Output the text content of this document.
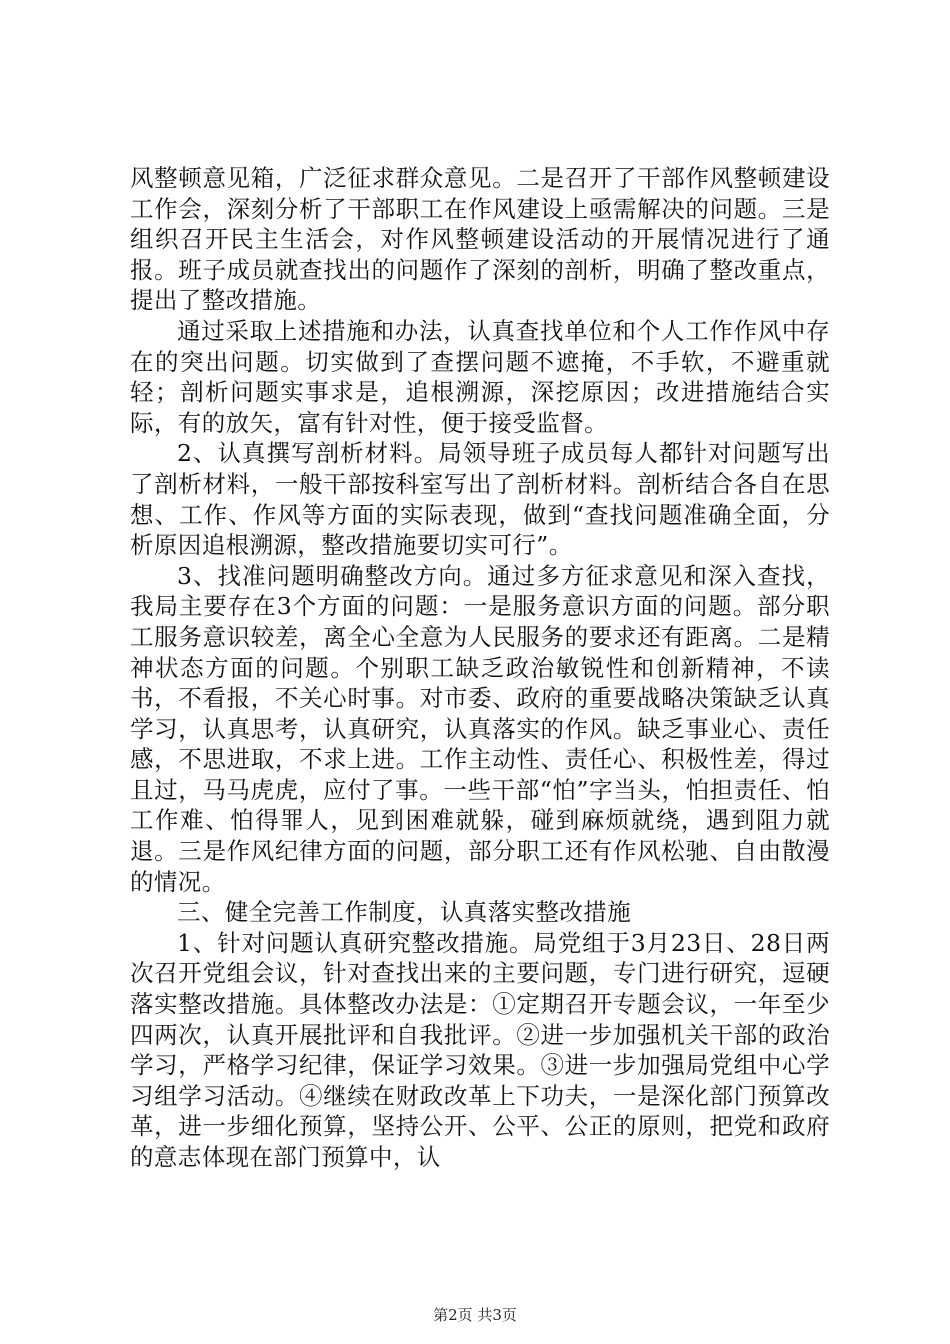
风整顿意见箱，广泛征求群众意见。二是召开了干部作风整顿建设工作会，深刻分析了干部职工在作风建设上亟需解决的问题。三是组织召开民主生活会，对作风整顿建设活动的开展情况进行了通报。班子成员就查找出的问题作了深刻的剖析，明确了整改重点，提出了整改措施。

通过采取上述措施和办法，认真查找单位和个人工作作风中存在的突出问题。切实做到了查摆问题不遮掩，不手软，不避重就轻；剖析问题实事求是，追根溯源，深挖原因；改进措施结合实际，有的放矢，富有针对性，便于接受监督。

2、认真撰写剖析材料。局领导班子成员每人都针对问题写出了剖析材料，一般干部按科室写出了剖析材料。剖析结合各自在思想、工作、作风等方面的实际表现，做到“查找问题准确全面，分析原因追根溯源，整改措施要切实可行”。

3、找准问题明确整改方向。通过多方征求意见和深入查找，我局主要存在3个方面的问题：一是服务意识方面的问题。部分职工服务意识较差，离全心全意为人民服务的要求还有距离。二是精神状态方面的问题。个别职工缺乏政治敏锐性和创新精神，不读书，不看报，不关心时事。对市委、政府的重要战略决策缺乏认真学习，认真思考，认真研究，认真落实的作风。缺乏事业心、责任感，不思进取，不求上进。工作主动性、责任心、积极性差，得过且过，马马虎虎，应付了事。一些干部“怕”字当头，怕担责任、怕工作难、怕得罪人，见到困难就躲，碰到麻烦就绕，遇到阻力就退。三是作风纪律方面的问题，部分职工还有作风松驰、自由散漫的情况。

三、健全完善工作制度，认真落实整改措施

1、针对问题认真研究整改措施。局党组于3月23日、28日两次召开党组会议，针对查找出来的主要问题，专门进行研究，逗硬落实整改措施。具体整改办法是：①定期召开专题会议，一年至少四两次，认真开展批评和自我批评。②进一步加强机关干部的政治学习，严格学习纪律，保证学习效果。③进一步加强局党组中心学习组学习活动。④继续在财政改革上下功夫，一是深化部门预算改革，进一步细化预算，坚持公开、公平、公正的原则，把党和政府的意志体现在部门预算中，认

第2页 共3页
